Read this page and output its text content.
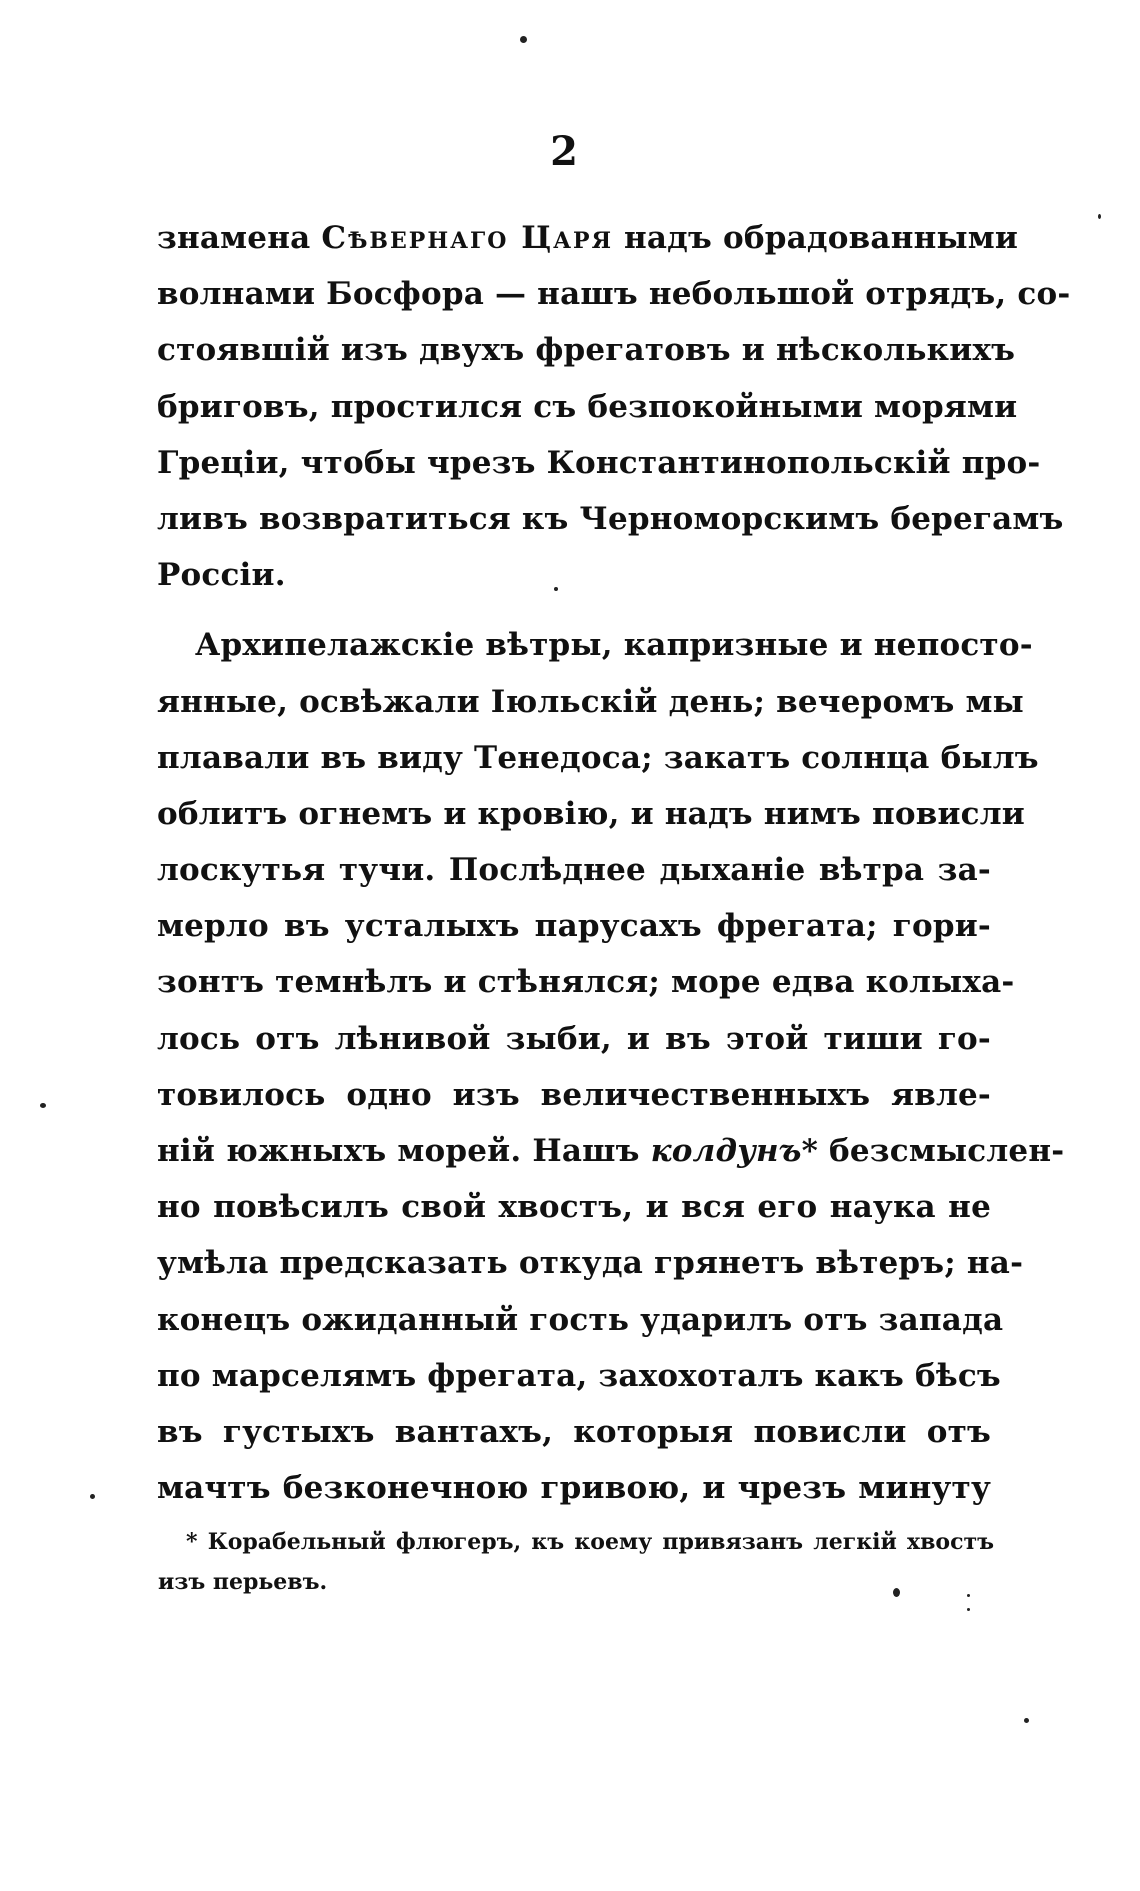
2
знамена Сѣвернаго Царя надъ обрадованными
волнами Босфора — нашъ небольшой отрядъ, со-
стоявшій изъ двухъ фрегатовъ и нѣсколькихъ
бриговъ, простился съ безпокойными морями
Греціи, чтобы чрезъ Константинопольскій про-
ливъ возвратиться къ Черноморскимъ берегамъ
Россіи.
Архипелажскіе вѣтры, капризные и непосто-
янные, освѣжали Іюльскій день; вечеромъ мы
плавали въ виду Тенедоса; закатъ солнца былъ
облитъ огнемъ и кровію, и надъ нимъ повисли
лоскутья тучи. Послѣднее дыханіе вѣтра за-
мерло въ усталыхъ парусахъ фрегата; гори-
зонтъ темнѣлъ и стѣнялся; море едва колыха-
лось отъ лѣнивой зыби, и въ этой тиши го-
товилось одно изъ величественныхъ явле-
ній южныхъ морей. Нашъ колдунъ* безсмыслен-
но повѣсилъ свой хвостъ, и вся его наука не
умѣла предсказать откуда грянетъ вѣтеръ; на-
конецъ ожиданный гость ударилъ отъ запада
по марселямъ фрегата, захохоталъ какъ бѣсъ
въ густыхъ вантахъ, которыя повисли отъ
мачтъ безконечною гривою, и чрезъ минуту
* Корабельный флюгеръ, къ коему привязанъ легкій хвостъ
изъ перьевъ.
